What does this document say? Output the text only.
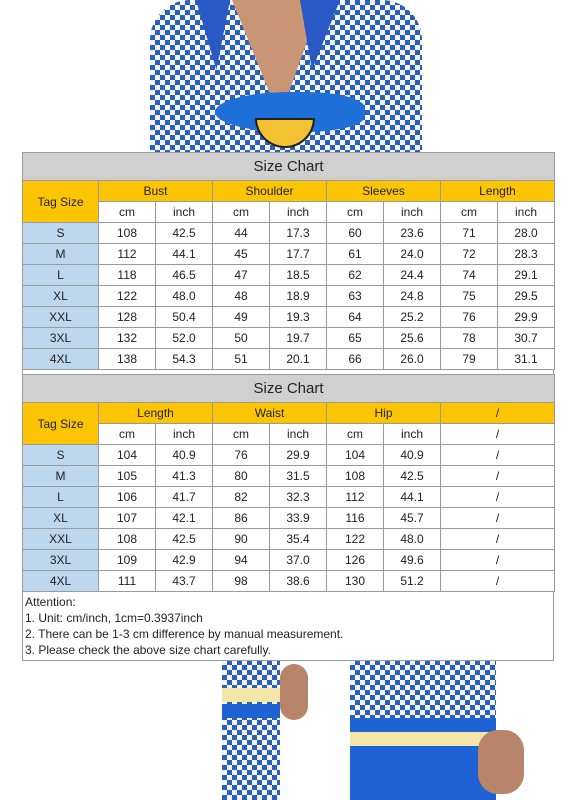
Size Chart								
Tag Size	Bust		Shoulder		Sleeves		Length	
	cm	inch	cm	inch	cm	inch	cm	inch
S	108	42.5	44	17.3	60	23.6	71	28.0
M	112	44.1	45	17.7	61	24.0	72	28.3
L	118	46.5	47	18.5	62	24.4	74	29.1
XL	122	48.0	48	18.9	63	24.8	75	29.5
XXL	128	50.4	49	19.3	64	25.2	76	29.9
3XL	132	52.0	50	19.7	65	25.6	78	30.7
4XL	138	54.3	51	20.1	66	26.0	79	31.1
Size Chart							
Tag Size	Length		Waist		Hip		/
	cm	inch	cm	inch	cm	inch	/
S	104	40.9	76	29.9	104	40.9	/
M	105	41.3	80	31.5	108	42.5	/
L	106	41.7	82	32.3	112	44.1	/
XL	107	42.1	86	33.9	116	45.7	/
XXL	108	42.5	90	35.4	122	48.0	/
3XL	109	42.9	94	37.0	126	49.6	/
4XL	111	43.7	98	38.6	130	51.2	/
Attention:
1. Unit: cm/inch, 1cm=0.3937inch
2. There can be 1-3 cm difference by manual measurement.
3. Please check the above size chart carefully.
